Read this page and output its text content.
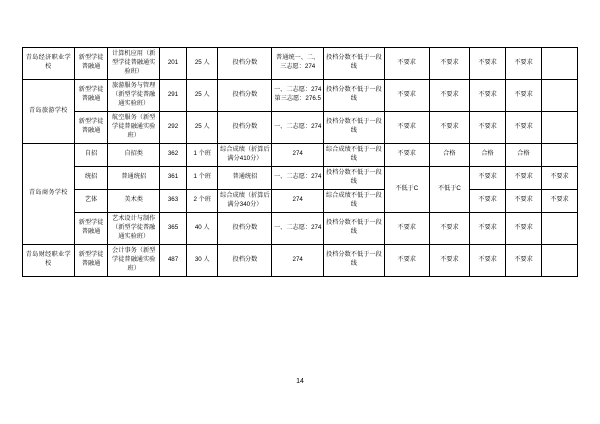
青岛经济职业学校	新型学徒普融通	计算机应用（新型学徒普融通实验班）	201	25 人	投档分数	普通统一、二、三志愿：274	投档分数不低于一段线	不要求	不要求	不要求	不要求	
青岛旅游学校	新型学徒普融通	旅游服务与管理（新型学徒普融通实验班）	291	25 人	投档分数	一、二志愿：274第三志愿：276.5	投档分数不低于一段线	不要求	不要求	不要求	不要求	
	新型学徒普融通	航空服务（新型学徒普融通实验班）	292	25 人	投档分数	一、二志愿：274	投档分数不低于一段线	不要求	不要求	不要求	不要求	
青岛商务学校	自招	自招类	362	1 个班	综合成绩（折算后满分410分）	274	综合成绩不低于一段线	不要求	合格	合格	合格	
	统招	普通统招	361	1 个班	普通统招	一、二志愿：274	投档分数不低于一段线	不低于C	不低于C	不要求	不要求	不要求
	艺体	美术类	363	2 个班	综合成绩（折算后满分340分）	274	综合成绩不低于一段线			不要求	不要求	不要求
	新型学徒普融通	艺术设计与制作（新型学徒普融通实验班）	365	40 人	投档分数	一、二志愿：274	投档分数不低于一段线	不要求	不要求	不要求	不要求	
青岛财经职业学校	新型学徒普融通	会计事务（新型学徒普融通实验班）	487	30 人	投档分数	274	投档分数不低于一段线	不要求	不要求	不要求	不要求	
14
